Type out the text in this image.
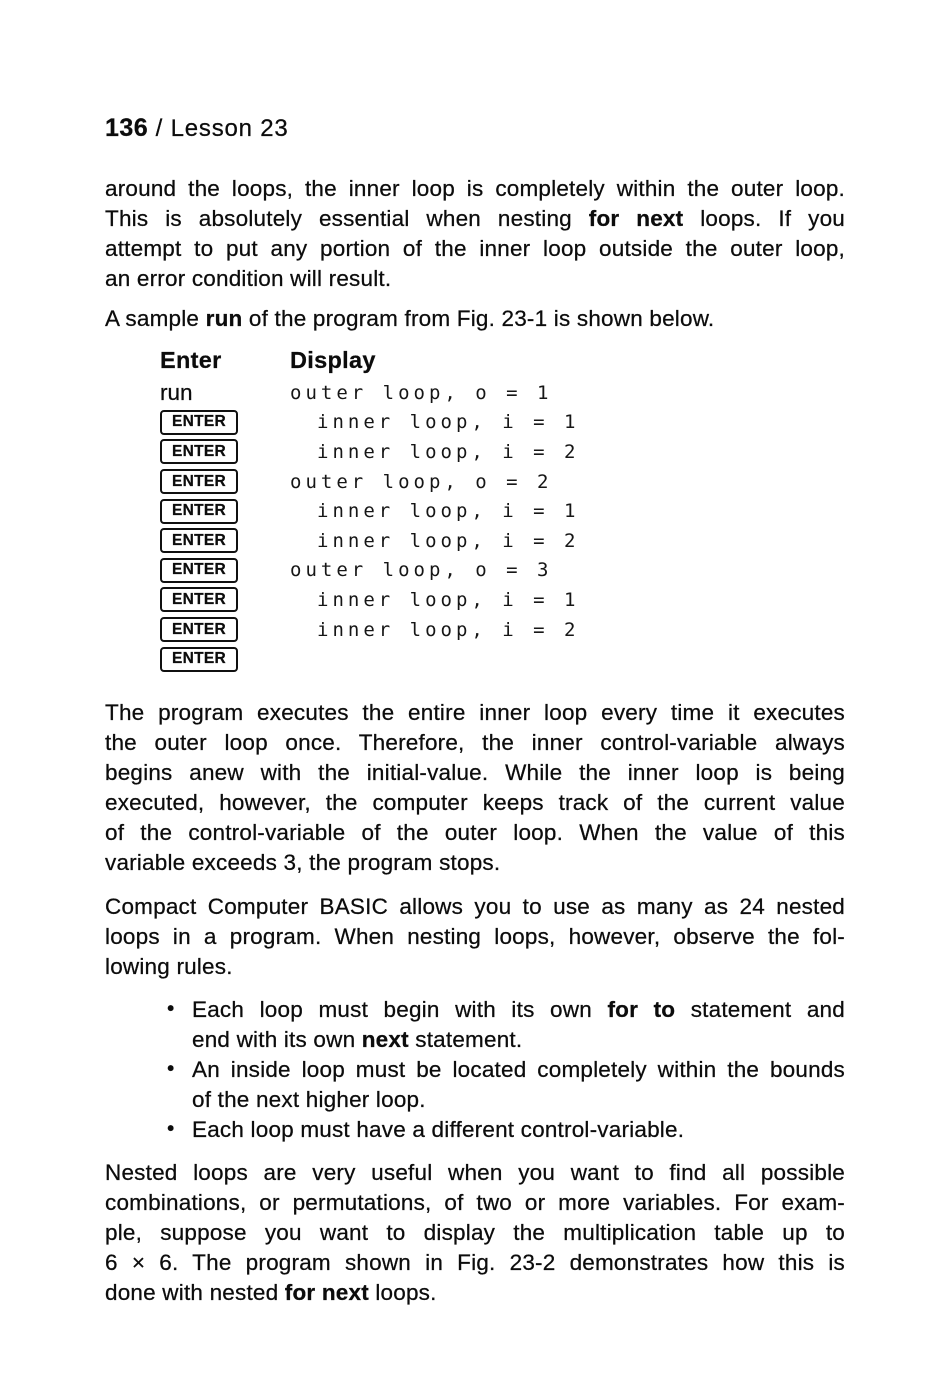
136 / Lesson 23
around the loops, the inner loop is completely within the outer loop.
This is absolutely essential when nesting for next loops. If you
attempt to put any portion of the inner loop outside the outer loop,
an error condition will result.
A sample run of the program from Fig. 23-1 is shown below.
Enter	Display
run	outer loop, o = 1
ENTER	inner loop, i = 1
ENTER	inner loop, i = 2
ENTER	outer loop, o = 2
ENTER	inner loop, i = 1
ENTER	inner loop, i = 2
ENTER	outer loop, o = 3
ENTER	inner loop, i = 1
ENTER	inner loop, i = 2
ENTER
The program executes the entire inner loop every time it executes
the outer loop once. Therefore, the inner control-variable always
begins anew with the initial-value. While the inner loop is being
executed, however, the computer keeps track of the current value
of the control-variable of the outer loop. When the value of this
variable exceeds 3, the program stops.
Compact Computer BASIC allows you to use as many as 24 nested
loops in a program. When nesting loops, however, observe the fol-
lowing rules.
• Each loop must begin with its own for to statement and
end with its own next statement.
• An inside loop must be located completely within the bounds
of the next higher loop.
• Each loop must have a different control-variable.
Nested loops are very useful when you want to find all possible
combinations, or permutations, of two or more variables. For exam-
ple, suppose you want to display the multiplication table up to
6 × 6. The program shown in Fig. 23-2 demonstrates how this is
done with nested for next loops.
